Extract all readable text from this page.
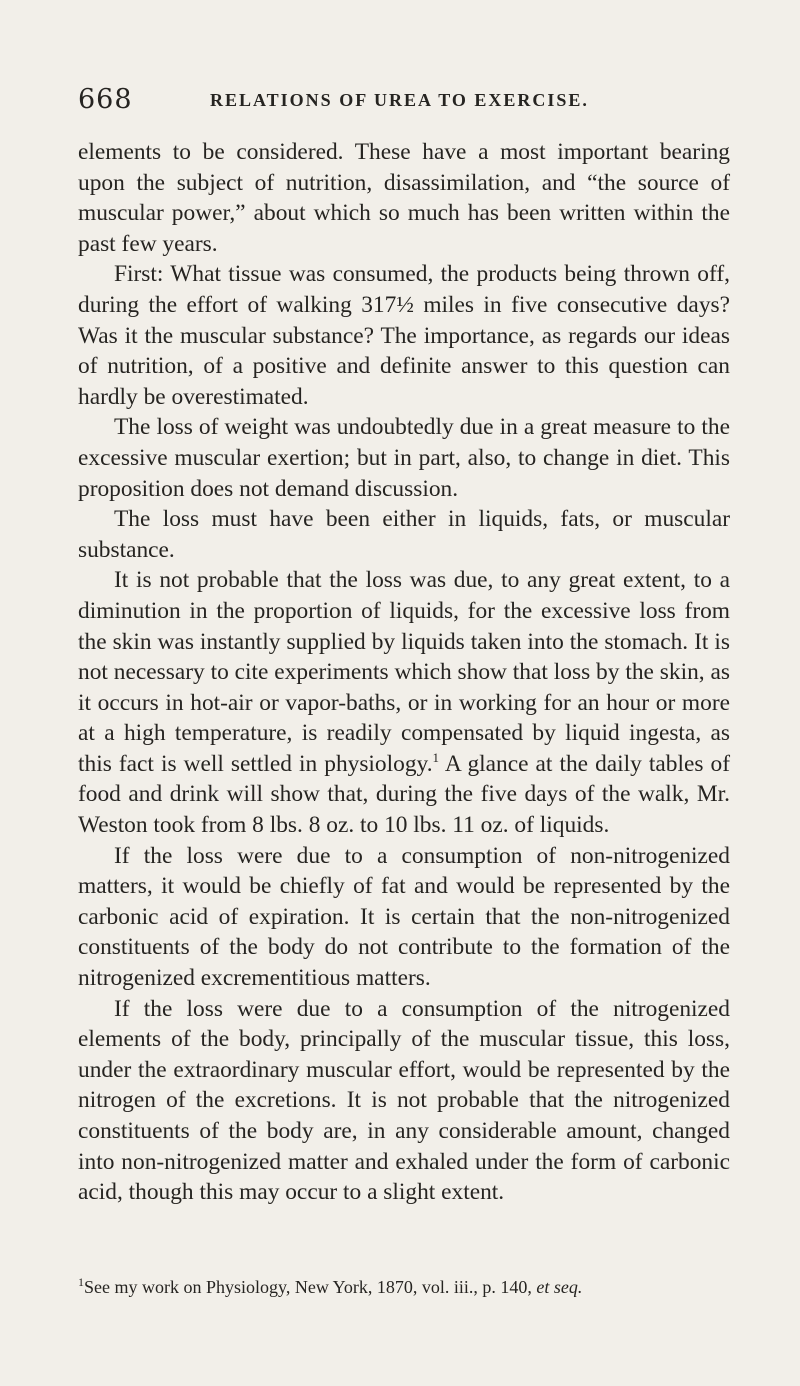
668	RELATIONS OF UREA TO EXERCISE.

elements to be considered. These have a most important bearing upon the subject of nutrition, disassimilation, and “the source of muscular power,” about which so much has been written within the past few years.

First: What tissue was consumed, the products being thrown off, during the effort of walking 317½ miles in five consecutive days? Was it the muscular substance? The importance, as regards our ideas of nutrition, of a positive and definite answer to this question can hardly be overestimated.

The loss of weight was undoubtedly due in a great measure to the excessive muscular exertion; but in part, also, to change in diet. This proposition does not demand discussion.

The loss must have been either in liquids, fats, or muscular substance.

It is not probable that the loss was due, to any great extent, to a diminution in the proportion of liquids, for the excessive loss from the skin was instantly supplied by liquids taken into the stomach. It is not necessary to cite experiments which show that loss by the skin, as it occurs in hot-air or vapor-baths, or in working for an hour or more at a high temperature, is readily compensated by liquid ingesta, as this fact is well settled in physiology.$^1$ A glance at the daily tables of food and drink will show that, during the five days of the walk, Mr. Weston took from 8 lbs. 8 oz. to 10 lbs. 11 oz. of liquids.

If the loss were due to a consumption of non-nitrogenized matters, it would be chiefly of fat and would be represented by the carbonic acid of expiration. It is certain that the non-nitrogenized constituents of the body do not contribute to the formation of the nitrogenized excrementitious matters.

If the loss were due to a consumption of the nitrogenized elements of the body, principally of the muscular tissue, this loss, under the extraordinary muscular effort, would be represented by the nitrogen of the excretions. It is not probable that the nitrogenized constituents of the body are, in any considerable amount, changed into non-nitrogenized matter and exhaled under the form of carbonic acid, though this may occur to a slight extent.

$^1$See my work on Physiology, New York, 1870, vol. iii., p. 140, et seq.
